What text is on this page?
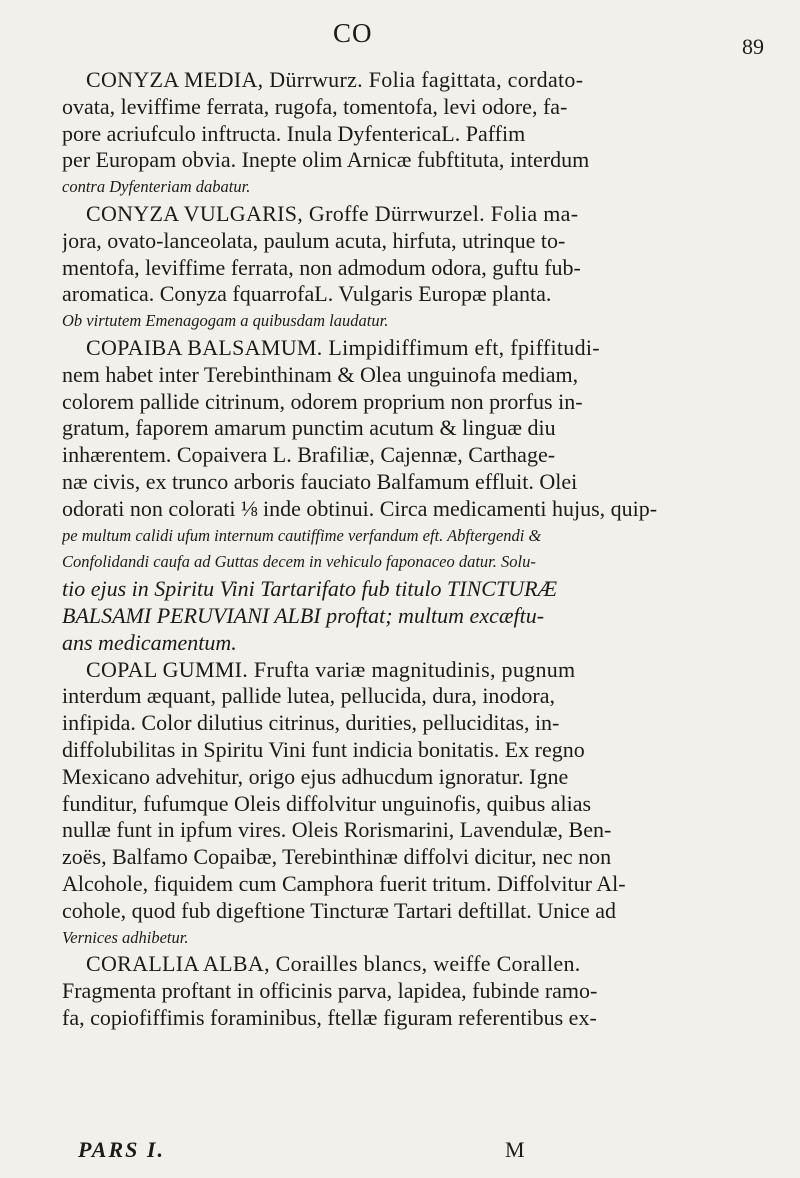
CO	89
CONYZA MEDIA, Dürrwurz. Folia fagittata, cordato-
ovata, leviffime ferrata, rugofa, tomentofa, levi odore, fa-
pore acriufculo inftructa. Inula DyfentericaL. Paffim
per Europam obvia. Inepte olim Arnicæ fubftituta, interdum
contra Dyfenteriam dabatur.
CONYZA VULGARIS, Groffe Dürrwurzel. Folia ma-
jora, ovato-lanceolata, paulum acuta, hirfuta, utrinque to-
mentofa, leviffime ferrata, non admodum odora, guftu fub-
aromatica. Conyza fquarrofaL. Vulgaris Europæ planta.
Ob virtutem Emenagogam a quibusdam laudatur.
COPAIBA BALSAMUM. Limpidiffimum eft, fpiffitudi-
nem habet inter Terebinthinam & Olea unguinofa mediam,
colorem pallide citrinum, odorem proprium non prorfus in-
gratum, faporem amarum punctim acutum & linguæ diu
inhærentem. Copaivera L. Brafiliæ, Cajennæ, Carthage-
næ civis, ex trunco arboris fauciato Balfamum effluit. Olei
odorati non colorati ⅛ inde obtinui. Circa medicamenti hujus, quip-
pe multum calidi ufum internum cautiffime verfandum eft. Abftergendi &
Confolidandi caufa ad Guttas decem in vehiculo faponaceo datur. Solu-
tio ejus in Spiritu Vini Tartarifato fub titulo TINCTURÆ
BALSAMI PERUVIANI ALBI proftat; multum excæftu-
ans medicamentum.
COPAL GUMMI. Frufta variæ magnitudinis, pugnum
interdum æquant, pallide lutea, pellucida, dura, inodora,
infipida. Color dilutius citrinus, durities, pelluciditas, in-
diffolubilitas in Spiritu Vini funt indicia bonitatis. Ex regno
Mexicano advehitur, origo ejus adhucdum ignoratur. Igne
funditur, fufumque Oleis diffolvitur unguinofis, quibus alias
nullæ funt in ipfum vires. Oleis Rorismarini, Lavendulæ, Ben-
zoës, Balfamo Copaibæ, Terebinthinæ diffolvi dicitur, nec non
Alcohole, fiquidem cum Camphora fuerit tritum. Diffolvitur Al-
cohole, quod fub digeftione Tincturæ Tartari deftillat. Unice ad
Vernices adhibetur.
CORALLIA ALBA, Corailles blancs, weiffe Corallen.
Fragmenta proftant in officinis parva, lapidea, fubinde ramo-
fa, copiofiffimis foraminibus, ftellæ figuram referentibus ex-
PARS I.	M
